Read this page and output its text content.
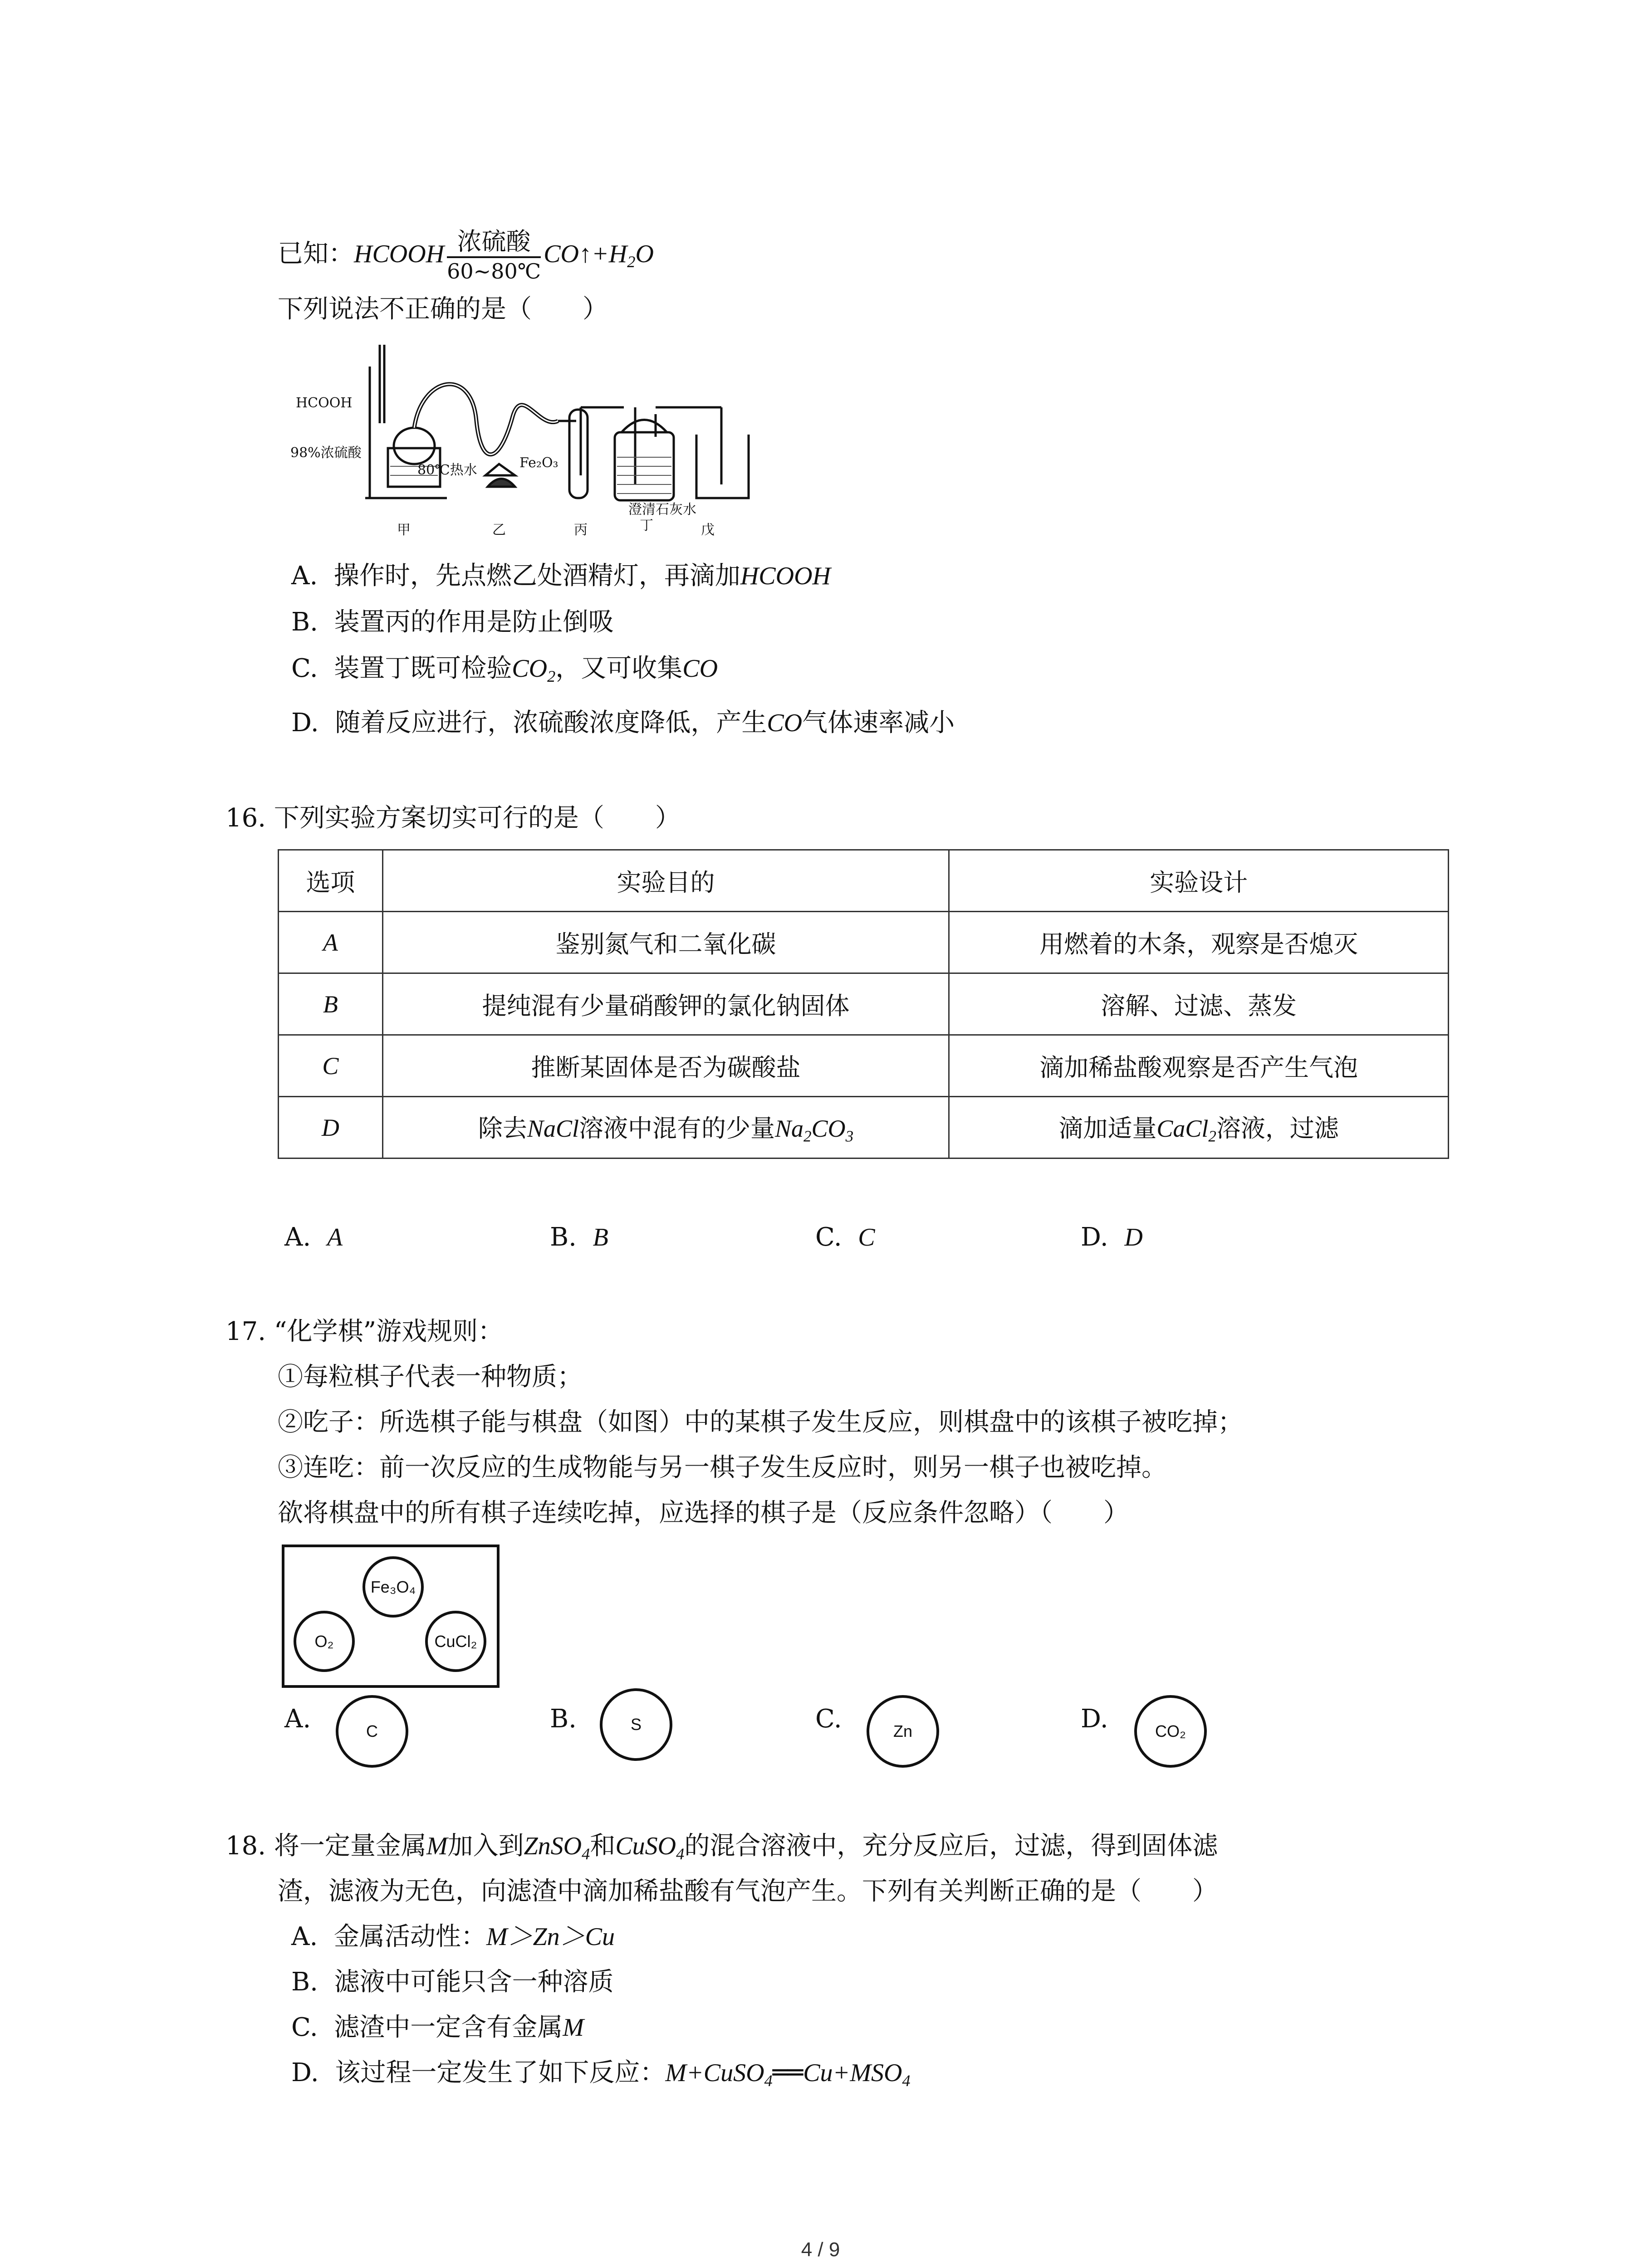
已知：HCOOH $\frac{\text{浓硫酸}}{60\sim 80℃}$ $CO↑+H_2O$
下列说法不正确的是（　　）
HCOOH
98%浓硫酸
80℃热水	Fe₂O₃
澄清石灰水
甲	乙	丙	丁	戊
A. 操作时，先点燃乙处酒精灯，再滴加HCOOH
B. 装置丙的作用是防止倒吸
C. 装置丁既可检验$CO_2$，又可收集CO
D. 随着反应进行，浓硫酸浓度降低，产生CO气体速率减小
16. 下列实验方案切实可行的是（　　）
选项	实验目的	实验设计
A	鉴别氮气和二氧化碳	用燃着的木条，观察是否熄灭
B	提纯混有少量硝酸钾的氯化钠固体	溶解、过滤、蒸发
C	推断某固体是否为碳酸盐	滴加稀盐酸观察是否产生气泡
D	除去NaCl溶液中混有的少量$Na_2CO_3$	滴加适量CaCl$_2$溶液，过滤
A. A	B. B	C. C	D. D
17. “化学棋”游戏规则：
①每粒棋子代表一种物质；
②吃子：所选棋子能与棋盘（如图）中的某棋子发生反应，则棋盘中的该棋子被吃掉；
③连吃：前一次反应的生成物能与另一棋子发生反应时，则另一棋子也被吃掉。
欲将棋盘中的所有棋子连续吃掉，应选择的棋子是（反应条件忽略）（　　）
Fe₃O₄
O₂	CuCl₂
A.	C	B.	S	C.	Zn	D.	CO₂
18. 将一定量金属M加入到ZnSO$_4$和CuSO$_4$的混合溶液中，充分反应后，过滤，得到固体滤
渣，滤液为无色，向滤渣中滴加稀盐酸有气泡产生。下列有关判断正确的是（　　）
A. 金属活动性：M＞Zn＞Cu
B. 滤液中可能只含一种溶质
C. 滤渣中一定含有金属M
D. 该过程一定发生了如下反应：$M+CuSO_4══Cu+MSO_4$
4 / 9
